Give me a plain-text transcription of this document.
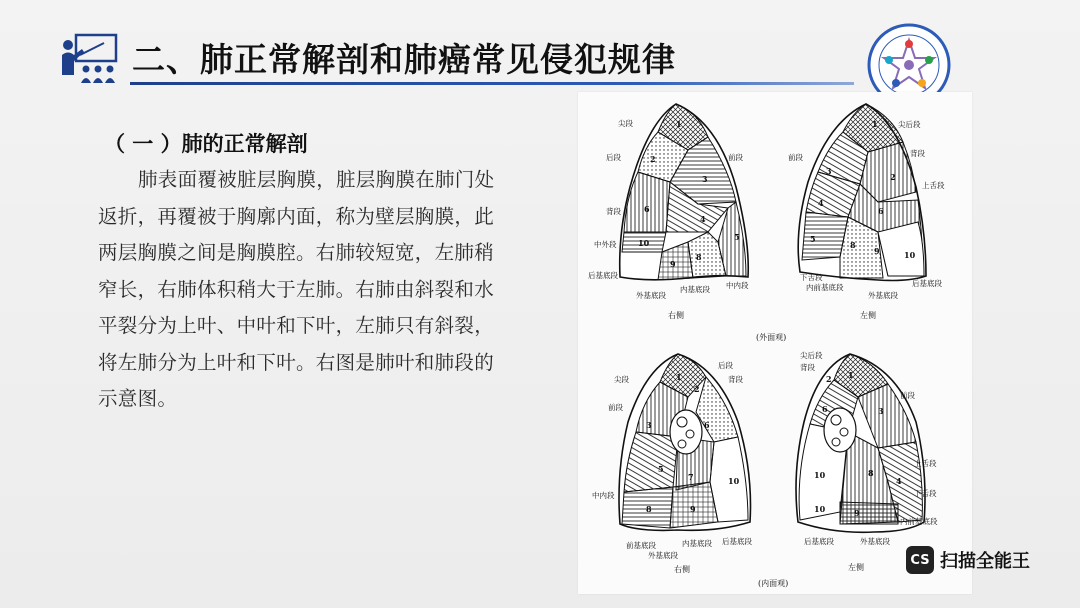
二、肺正常解剖和肺癌常见侵犯规律
（ 一 ）肺的正常解剖
肺表面覆被脏层胸膜，脏层胸膜在肺门处返折，再覆被于胸廓内面，称为壁层胸膜，此两层胸膜之间是胸膜腔。右肺较短宽，左肺稍窄长，右肺体积稍大于左肺。右肺由斜裂和水平裂分为上叶、中叶和下叶，左肺只有斜裂，将左肺分为上叶和下叶。右图是肺叶和肺段的示意图。
1
2
3
6
4
5
10
9
8
尖段
后段	前段
背段
中外段
后基底段
外基底段
内基底段 中内段
右侧
1
3
2
4
6
5
8
9	10
尖后段
前段
上舌段
背段
下舌段
内前基底段
外基底段
后基底段
左侧
(外面观)
1
2
3	6
5
7	10
8	9
尖段
后段
背段
前段
中内段
前基底段
外基底段
内基底段 后基底段
右侧
1
2
3
6
4
10	8
10	9
尖后段
背段
前段
上舌段
下舌段
内前基底段
后基底段	外基底段
左侧
(内面观)
CS 扫描全能王
